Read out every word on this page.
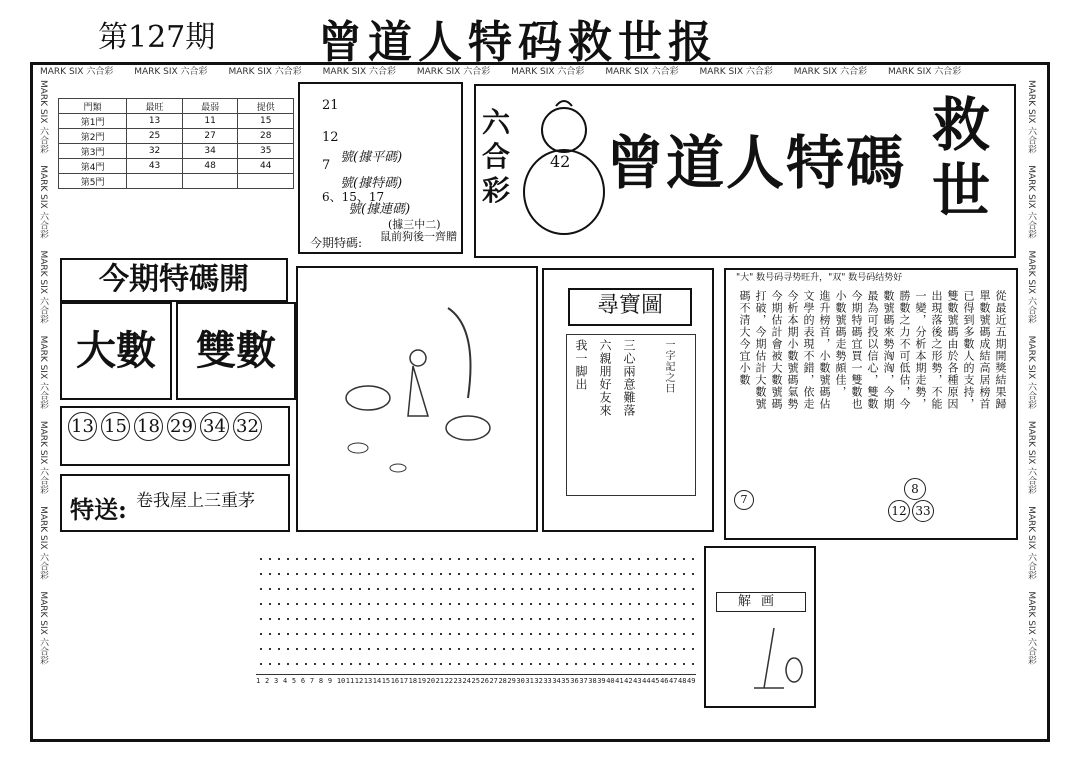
第127期 曾道人特码救世报
MARK SIX 六合彩　　 MARK SIX 六合彩　　 MARK SIX 六合彩　　 MARK SIX 六合彩　　 MARK SIX 六合彩　　 MARK SIX 六合彩　　 MARK SIX 六合彩　　 MARK SIX 六合彩　　 MARK SIX 六合彩　　 MARK SIX 六合彩
MARK SIX 六合彩　 MARK SIX 六合彩　 MARK SIX 六合彩　 MARK SIX 六合彩　 MARK SIX 六合彩　 MARK SIX 六合彩　 MARK SIX 六合彩
MARK SIX 六合彩　 MARK SIX 六合彩　 MARK SIX 六合彩　 MARK SIX 六合彩　 MARK SIX 六合彩　 MARK SIX 六合彩　 MARK SIX 六合彩
門類	最旺	最弱	提供
第1門	13	11	15
第2門	25	27	28
第3門	32	34	35
第4門	43	48	44
第5門			
21
12
號(據平碼)
7
號(據特碼)
號(據連碼)
6、15、17
(據三中二)
鼠前狗後一齊贈
今期特碼:
六合彩
42 曾道人特碼
救世
今期特碼開
大數	雙數
13 15 18 29 34 32
特送: 卷我屋上三重茅
尋寶圖
我一脚出 六親朋好友來 三心兩意難落	一字記之曰
"大" 数号码寻势旺升，"双" 数号码结势好
從最近五期開獎結果歸
單數號碼成結高居榜首
已得到多數人的支持，
雙數號碼由於各種原因
出現落後之形勢，不能
一變，分析本期走勢，
勝數之力不可低估，今
數號碼來勢洶洶，今期
最為可投以信心，雙數
今期特碼宜買一雙數也
小數號碼走勢頗佳，
進升榜首，小數號碼佔
文學的表現不錯，依走
今析本期小數號碼氣勢
今期估計會被大數號碼
打破，今期估計大數號
碼不清大今宜小數
8
12 33
7
解画
1 2 3 4 5 6 7 8 9 10 11 12 13 14 15 16 17 18 19 20 21 22 23 24 25 26 27 28 29 30 31 32 33 34 35 36 37 38 39 40 41 42 43 44 45 46 47 48 49
